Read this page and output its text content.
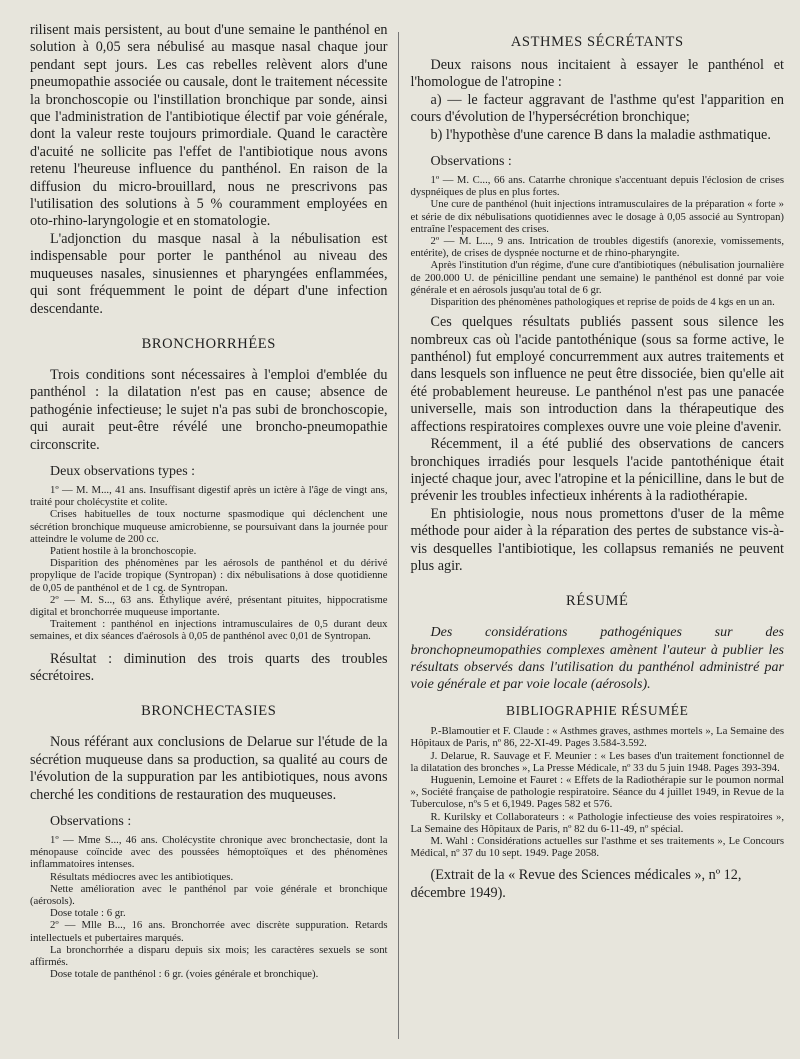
rilisent mais persistent, au bout d'une semaine le panthénol en solution à 0,05 sera nébulisé au masque nasal chaque jour pendant sept jours. Les cas rebelles relèvent alors d'une pneumopathie associée ou causale, dont le traitement nécessite la bronchoscopie ou l'instillation bronchique par sonde, ainsi que l'administration de l'antibiotique électif par voie générale, dont la valeur reste toujours primordiale. Quand le caractère d'acuité ne sollicite pas l'effet de l'antibiotique nous avons retenu l'heureuse influence du panthénol. En raison de la diffusion du micro-brouillard, nous ne prescrivons pas l'utilisation des solutions à 5 % couramment employées en oto-rhino-laryngologie et en stomatologie.

L'adjonction du masque nasal à la nébulisation est indispensable pour porter le panthénol au niveau des muqueuses nasales, sinusiennes et pharyngées enflammées, qui sont fréquemment le point de départ d'une infection descendante.

BRONCHORRHÉES

Trois conditions sont nécessaires à l'emploi d'emblée du panthénol : la dilatation n'est pas en cause; absence de pathogénie infectieuse; le sujet n'a pas subi de bronchoscopie, qui aurait peut-être révélé une broncho-pneumopathie circonscrite.

Deux observations types :

1º — M. M..., 41 ans. Insuffisant digestif après un ictère à l'âge de vingt ans, traité pour cholécystite et colite.

Crises habituelles de toux nocturne spasmodique qui déclenchent une sécrétion bronchique muqueuse amicrobienne, se poursuivant dans la journée pour atteindre le volume de 200 cc.

Patient hostile à la bronchoscopie.

Disparition des phénomènes par les aérosols de panthénol et du dérivé propylique de l'acide tropique (Syntropan) : dix nébulisations à dose quotidienne de 0,05 de panthénol et de 1 cg. de Syntropan.

2º — M. S..., 63 ans. Éthylique avéré, présentant pituites, hippocratisme digital et bronchorrée muqueuse importante.

Traitement : panthénol en injections intramusculaires de 0,5 durant deux semaines, et dix séances d'aérosols à 0,05 de panthénol avec 0,01 de Syntropan.

Résultat : diminution des trois quarts des troubles sécrétoires.

BRONCHECTASIES

Nous référant aux conclusions de Delarue sur l'étude de la sécrétion muqueuse dans sa production, sa qualité au cours de l'évolution de la suppuration par les antibiotiques, nous avons cherché les conditions de restauration des muqueuses.

Observations :

1º — Mme S..., 46 ans. Cholécystite chronique avec bronchectasie, dont la ménopause coïncide avec des poussées hémoptoïques et des phénomènes inflammatoires intenses.

Résultats médiocres avec les antibiotiques.

Nette amélioration avec le panthénol par voie générale et bronchique (aérosols).

Dose totale : 6 gr.

2º — Mlle B..., 16 ans. Bronchorrée avec discrète suppuration. Retards intellectuels et pubertaires marqués.

La bronchorrhée a disparu depuis six mois; les caractères sexuels se sont affirmés.

Dose totale de panthénol : 6 gr. (voies générale et bronchique).

ASTHMES SÉCRÉTANTS

Deux raisons nous incitaient à essayer le panthénol et l'homologue de l'atropine :

a) — le facteur aggravant de l'asthme qu'est l'apparition en cours d'évolution de l'hypersécrétion bronchique;

b) l'hypothèse d'une carence B dans la maladie asthmatique.

Observations :

1º — M. C..., 66 ans. Catarrhe chronique s'accentuant depuis l'éclosion de crises dyspnéiques de plus en plus fortes.

Une cure de panthénol (huit injections intramusculaires de la préparation « forte » et série de dix nébulisations quotidiennes avec le dosage à 0,05 associé au Syntropan) entraîne l'espacement des crises.

2º — M. L..., 9 ans. Intrication de troubles digestifs (anorexie, vomissements, entérite), de crises de dyspnée nocturne et de rhino-pharyngite.

Après l'institution d'un régime, d'une cure d'antibiotiques (nébulisation journalière de 200.000 U. de pénicilline pendant une semaine) le panthénol est donné par voie générale et en aérosols jusqu'au total de 6 gr.

Disparition des phénomènes pathologiques et reprise de poids de 4 kgs en un an.

Ces quelques résultats publiés passent sous silence les nombreux cas où l'acide pantothénique (sous sa forme active, le panthénol) fut employé concurremment aux autres traitements et dans lesquels son influence ne peut être dissociée, bien qu'elle ait été probablement heureuse. Le panthénol n'est pas une panacée universelle, mais son introduction dans la thérapeutique des affections respiratoires complexes ouvre une voie pleine d'avenir.

Récemment, il a été publié des observations de cancers bronchiques irradiés pour lesquels l'acide pantothénique était injecté chaque jour, avec l'atropine et la pénicilline, dans le but de prévenir les troubles infectieux inhérents à la radiothérapie.

En phtisiologie, nous nous promettons d'user de la même méthode pour aider à la réparation des pertes de substance vis-à-vis desquelles l'antibiotique, les collapsus remaniés ne peuvent plus agir.

RÉSUMÉ

Des considérations pathogéniques sur des bronchopneumopathies complexes amènent l'auteur à publier les résultats observés dans l'utilisation du panthénol administré par voie générale et par voie locale (aérosols).

BIBLIOGRAPHIE RÉSUMÉE

P.-Blamoutier et F. Claude : « Asthmes graves, asthmes mortels », La Semaine des Hôpitaux de Paris, nº 86, 22-XI-49. Pages 3.584-3.592.

J. Delarue, R. Sauvage et F. Meunier : « Les bases d'un traitement fonctionnel de la dilatation des bronches », La Presse Médicale, nº 33 du 5 juin 1948. Pages 393-394.

Huguenin, Lemoine et Fauret : « Effets de la Radiothérapie sur le poumon normal », Société française de pathologie respiratoire. Séance du 4 juillet 1949, in Revue de la Tuberculose, nºs 5 et 6,1949. Pages 582 et 576.

R. Kurilsky et Collaborateurs : « Pathologie infectieuse des voies respiratoires », La Semaine des Hôpitaux de Paris, nº 82 du 6-11-49, nº spécial.

M. Wahl : Considérations actuelles sur l'asthme et ses traitements », Le Concours Médical, nº 37 du 10 sept. 1949. Page 2058.

(Extrait de la « Revue des Sciences médicales », nº 12, décembre 1949).
